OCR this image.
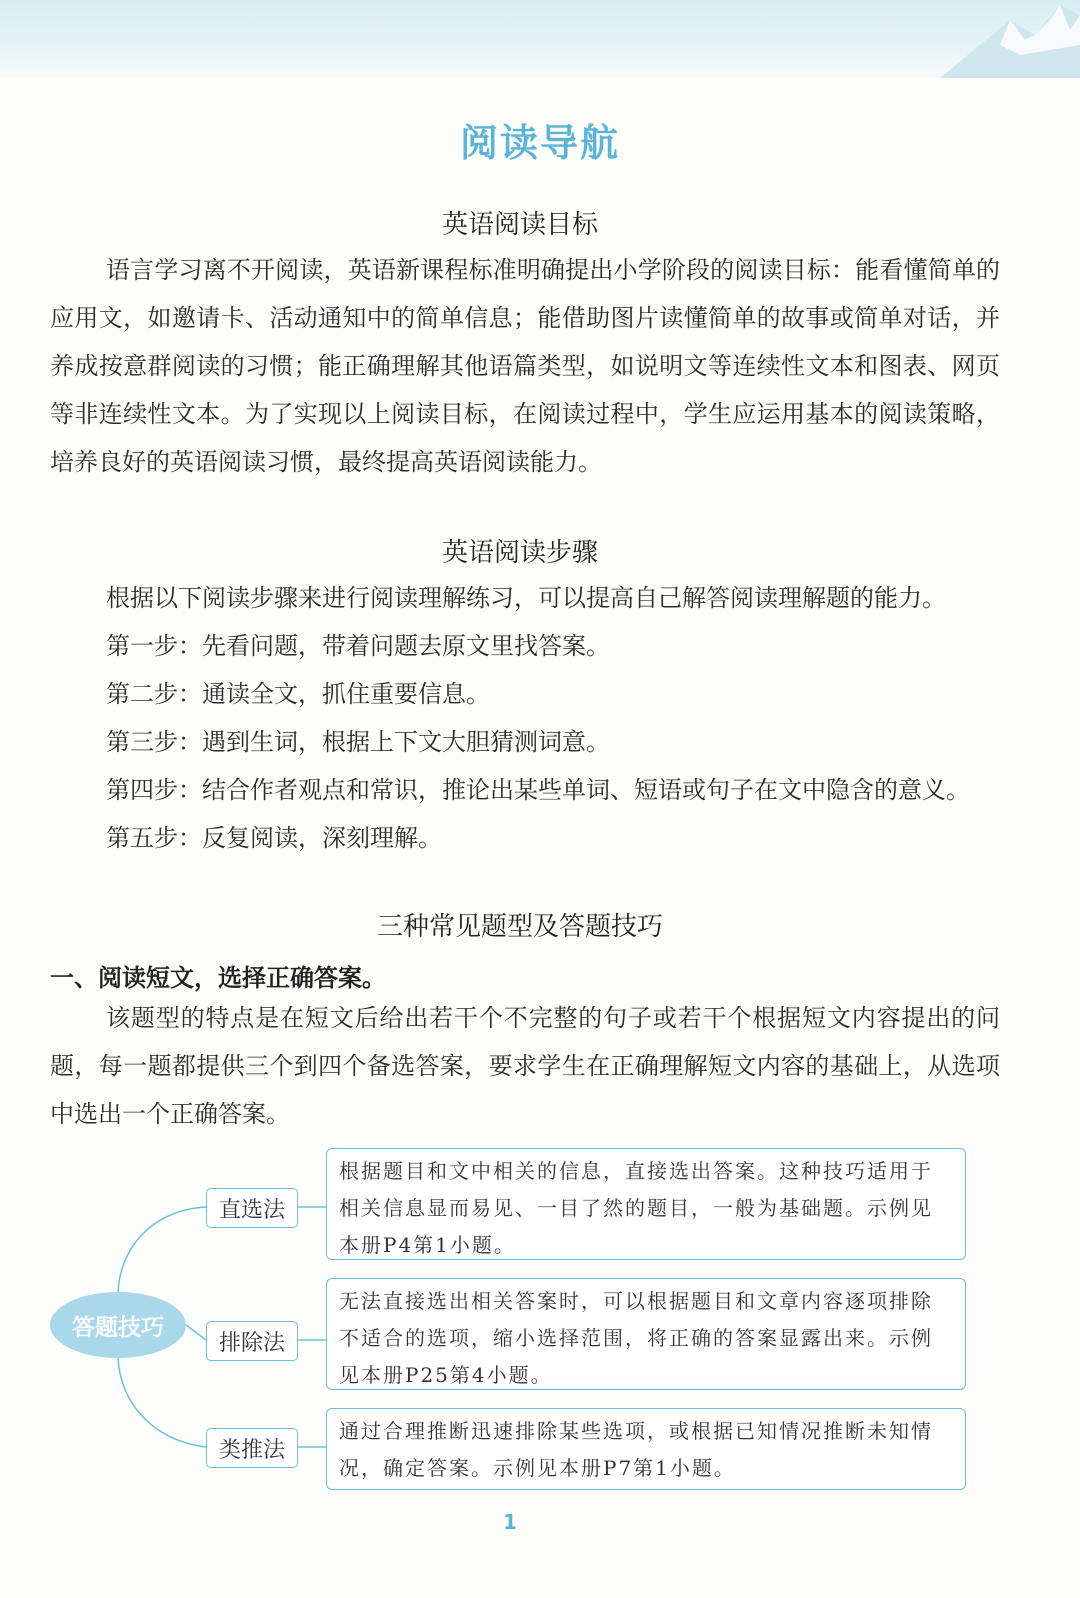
阅读导航
英语阅读目标

语言学习离不开阅读，英语新课程标准明确提出小学阶段的阅读目标：能看懂简单的应用文，如邀请卡、活动通知中的简单信息；能借助图片读懂简单的故事或简单对话，并养成按意群阅读的习惯；能正确理解其他语篇类型，如说明文等连续性文本和图表、网页等非连续性文本。为了实现以上阅读目标，在阅读过程中，学生应运用基本的阅读策略，培养良好的英语阅读习惯，最终提高英语阅读能力。

英语阅读步骤
根据以下阅读步骤来进行阅读理解练习，可以提高自己解答阅读理解题的能力。
第一步：先看问题，带着问题去原文里找答案。
第二步：通读全文，抓住重要信息。
第三步：遇到生词，根据上下文大胆猜测词意。
第四步：结合作者观点和常识，推论出某些单词、短语或句子在文中隐含的意义。
第五步：反复阅读，深刻理解。
三种常见题型及答题技巧
一、阅读短文，选择正确答案。

该题型的特点是在短文后给出若干个不完整的句子或若干个根据短文内容提出的问题，每一题都提供三个到四个备选答案，要求学生在正确理解短文内容的基础上，从选项中选出一个正确答案。

答题技巧
直选法
排除法
类推法
根据题目和文中相关的信息，直接选出答案。这种技巧适用于相关信息显而易见、一目了然的题目，一般为基础题。示例见本册P4第1小题。
无法直接选出相关答案时，可以根据题目和文章内容逐项排除不适合的选项，缩小选择范围，将正确的答案显露出来。示例见本册P25第4小题。
通过合理推断迅速排除某些选项，或根据已知情况推断未知情况，确定答案。示例见本册P7第1小题。
1
